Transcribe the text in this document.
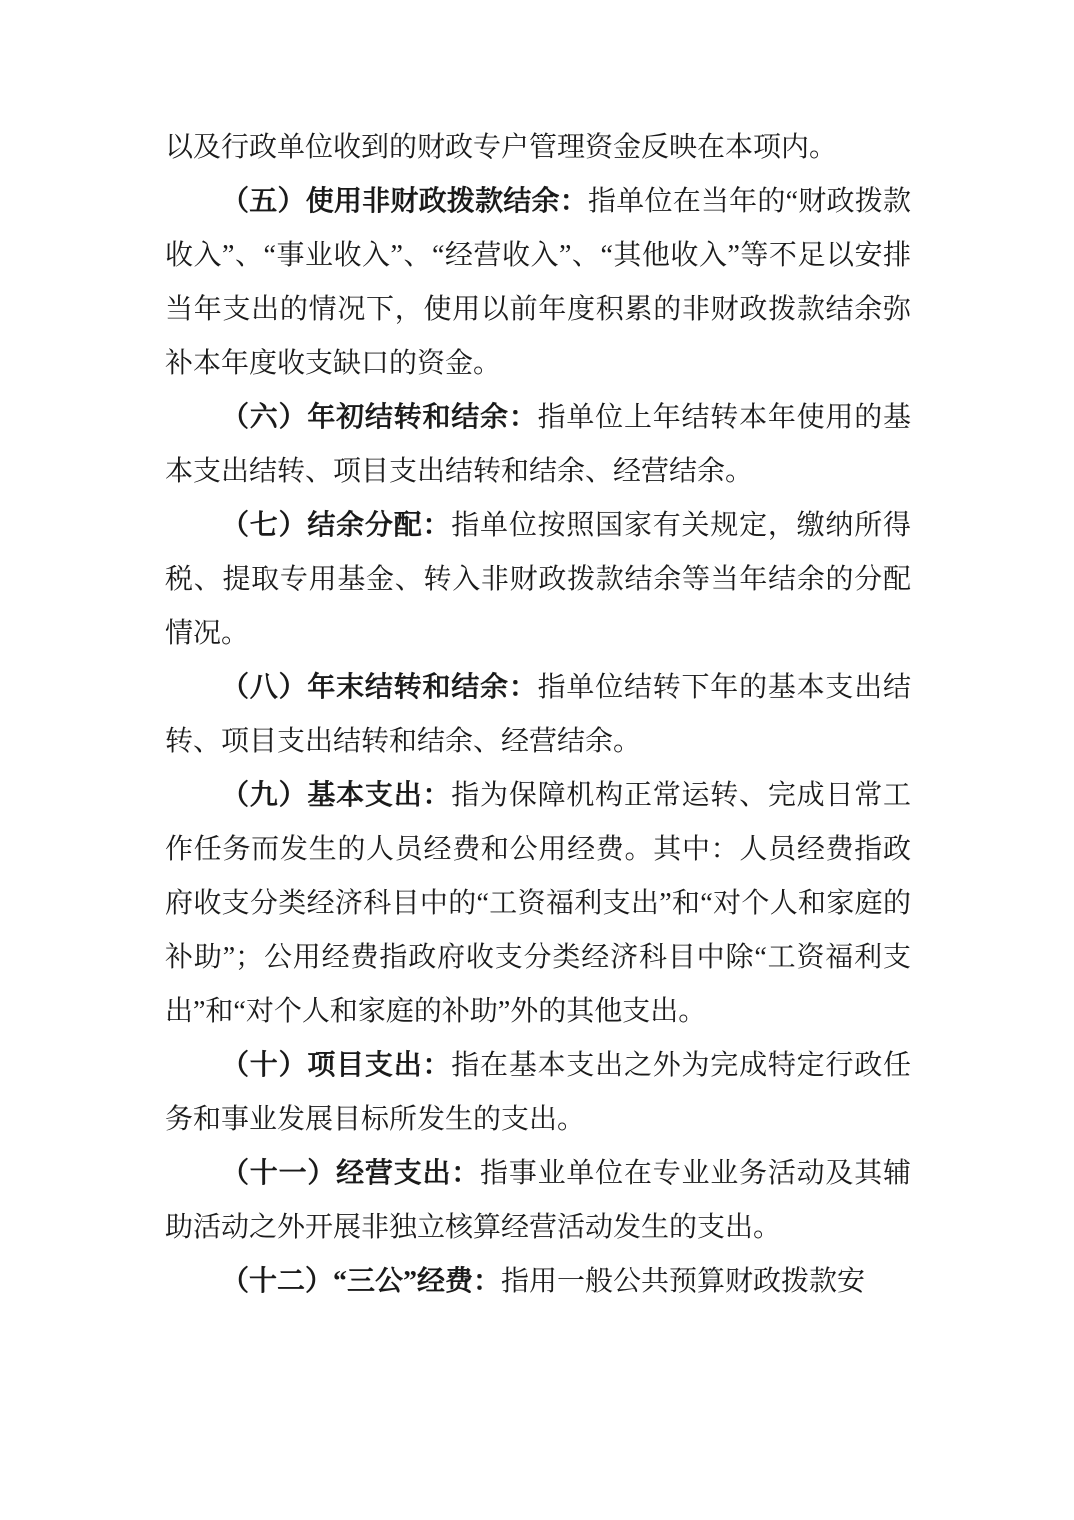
以及行政单位收到的财政专户管理资金反映在本项内。

（五）使用非财政拨款结余：指单位在当年的“财政拨款收入”、“事业收入”、“经营收入”、“其他收入”等不足以安排当年支出的情况下，使用以前年度积累的非财政拨款结余弥补本年度收支缺口的资金。

（六）年初结转和结余：指单位上年结转本年使用的基本支出结转、项目支出结转和结余、经营结余。

（七）结余分配：指单位按照国家有关规定，缴纳所得税、提取专用基金、转入非财政拨款结余等当年结余的分配情况。

（八）年末结转和结余：指单位结转下年的基本支出结转、项目支出结转和结余、经营结余。

（九）基本支出：指为保障机构正常运转、完成日常工作任务而发生的人员经费和公用经费。其中：人员经费指政府收支分类经济科目中的“工资福利支出”和“对个人和家庭的补助”；公用经费指政府收支分类经济科目中除“工资福利支出”和“对个人和家庭的补助”外的其他支出。

（十）项目支出：指在基本支出之外为完成特定行政任务和事业发展目标所发生的支出。

（十一）经营支出：指事业单位在专业业务活动及其辅助活动之外开展非独立核算经营活动发生的支出。

（十二）“三公”经费：指用一般公共预算财政拨款安
